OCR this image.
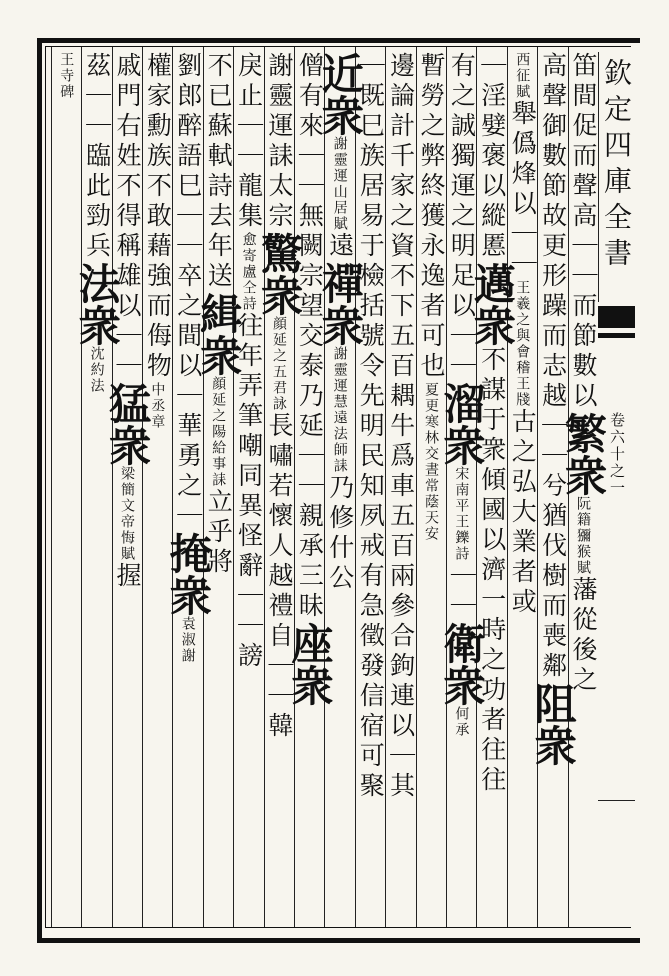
欽定四庫全書
卷六十之一
笛間促而聲高｜｜而節數以繁衆阮籍獼猴賦藩從後之
高聲御數節故更形躁而志越｜｜兮猶伐樹而喪鄰阻衆
西征賦舉僞烽以｜｜王羲之與會稽王牋古之弘大業者或
｜淫嬖褒以縱慝邁衆不謀于衆傾國以濟一時之功者往往
有之誠獨運之明足以｜｜溜衆宋南平王鑠詩｜｜衛衆何承
暫勞之弊終獲永逸者可也夏更寒林交晝常蔭天安
邊論計千家之資不下五百耦牛爲車五百兩參合鉤連以｜其
｜既巳族居易于檢括號令先明民知夙戒有急徵發信宿可聚
近衆謝靈運山居賦遠禪衆謝靈運慧遠法師誄乃修什公
僧有來｜｜無闕宗望交泰乃延｜｜親承三昧座衆
謝靈運誄太宗驚衆顔延之五君詠長嘯若懷人越禮自｜｜韓
戾止｜｜龍集愈寄盧仝詩往年弄筆嘲同異怪辭｜｜謗
不已蘇軾詩去年送緝衆顔延之陽給事誄立乎將
劉郎醉語巳｜｜卒之間以｜華勇之｜掩衆袁淑謝
權家勳族不敢藉強而侮物中丞章
戚門右姓不得稱雄以｜｜猛衆梁簡文帝悔賦握
茲｜｜臨此勁兵法衆沈約法
王寺碑
